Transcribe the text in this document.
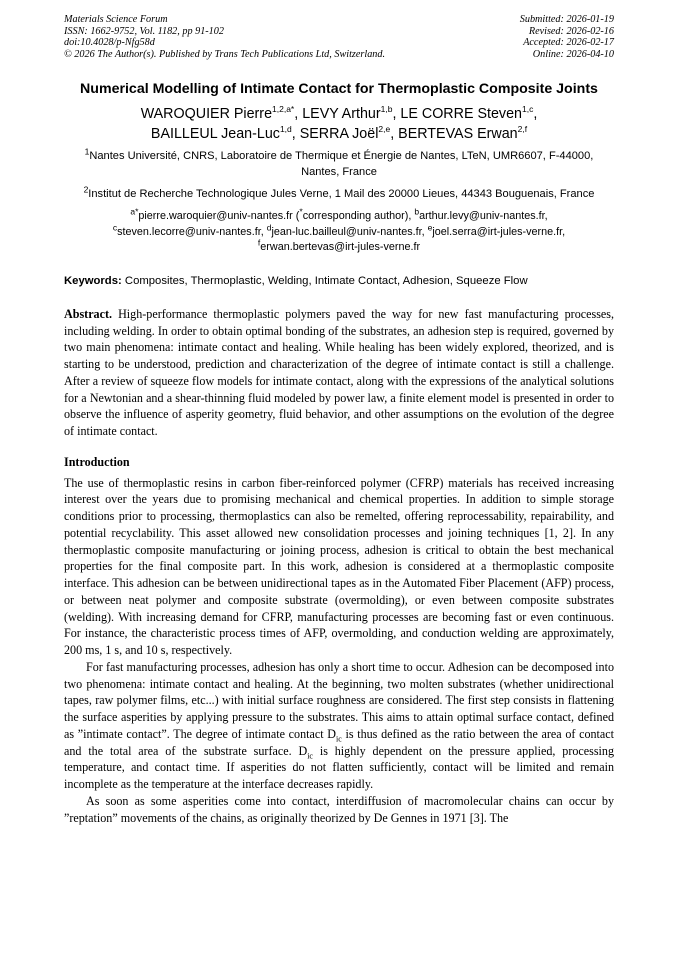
Materials Science Forum
ISSN: 1662-9752, Vol. 1182, pp 91-102
doi:10.4028/p-Nfg58d
© 2026 The Author(s). Published by Trans Tech Publications Ltd, Switzerland.
Submitted: 2026-01-19
Revised: 2026-02-16
Accepted: 2026-02-17
Online: 2026-04-10
Numerical Modelling of Intimate Contact for Thermoplastic Composite Joints
WAROQUIER Pierre$^{1,2,a*}$, LEVY Arthur$^{1,b}$, LE CORRE Steven$^{1,c}$,
BAILLEUL Jean-Luc$^{1,d}$, SERRA Joël$^{2,e}$, BERTEVAS Erwan$^{2,f}$
$^1$Nantes Université, CNRS, Laboratoire de Thermique et Énergie de Nantes, LTeN, UMR6607, F-44000, Nantes, France
$^2$Institut de Recherche Technologique Jules Verne, 1 Mail des 20000 Lieues, 44343 Bouguenais, France
$^{a*}$pierre.waroquier@univ-nantes.fr (*corresponding author), $^b$arthur.levy@univ-nantes.fr,
$^c$steven.lecorre@univ-nantes.fr, $^d$jean-luc.bailleul@univ-nantes.fr, $^e$joel.serra@irt-jules-verne.fr,
$^f$erwan.bertevas@irt-jules-verne.fr
Keywords: Composites, Thermoplastic, Welding, Intimate Contact, Adhesion, Squeeze Flow
Abstract. High-performance thermoplastic polymers paved the way for new fast manufacturing processes, including welding. In order to obtain optimal bonding of the substrates, an adhesion step is required, governed by two main phenomena: intimate contact and healing. While healing has been widely explored, theorized, and is starting to be understood, prediction and characterization of the degree of intimate contact is still a challenge. After a review of squeeze flow models for intimate contact, along with the expressions of the analytical solutions for a Newtonian and a shear-thinning fluid modeled by power law, a finite element model is presented in order to observe the influence of asperity geometry, fluid behavior, and other assumptions on the evolution of the degree of intimate contact.
Introduction

The use of thermoplastic resins in carbon fiber-reinforced polymer (CFRP) materials has received increasing interest over the years due to promising mechanical and chemical properties. In addition to simple storage conditions prior to processing, thermoplastics can also be remelted, offering reprocessability, repairability, and potential recyclability. This asset allowed new consolidation processes and joining techniques [1, 2]. In any thermoplastic composite manufacturing or joining process, adhesion is critical to obtain the best mechanical properties for the final composite part. In this work, adhesion is considered at a thermoplastic composite interface. This adhesion can be between unidirectional tapes as in the Automated Fiber Placement (AFP) process, or between neat polymer and composite substrate (overmolding), or even between composite substrates (welding). With increasing demand for CFRP, manufacturing processes are becoming fast or even continuous. For instance, the characteristic process times of AFP, overmolding, and conduction welding are approximately, 200 ms, 1 s, and 10 s, respectively.

For fast manufacturing processes, adhesion has only a short time to occur. Adhesion can be decomposed into two phenomena: intimate contact and healing. At the beginning, two molten substrates (whether unidirectional tapes, raw polymer films, etc...) with initial surface roughness are considered. The first step consists in flattening the surface asperities by applying pressure to the substrates. This aims to attain optimal surface contact, defined as ”intimate contact”. The degree of intimate contact $D_{ic}$ is thus defined as the ratio between the area of contact and the total area of the substrate surface. $D_{ic}$ is highly dependent on the pressure applied, processing temperature, and contact time. If asperities do not flatten sufficiently, contact will be limited and remain incomplete as the temperature at the interface decreases rapidly.

As soon as some asperities come into contact, interdiffusion of macromolecular chains can occur by ”reptation” movements of the chains, as originally theorized by De Gennes in 1971 [3]. The
